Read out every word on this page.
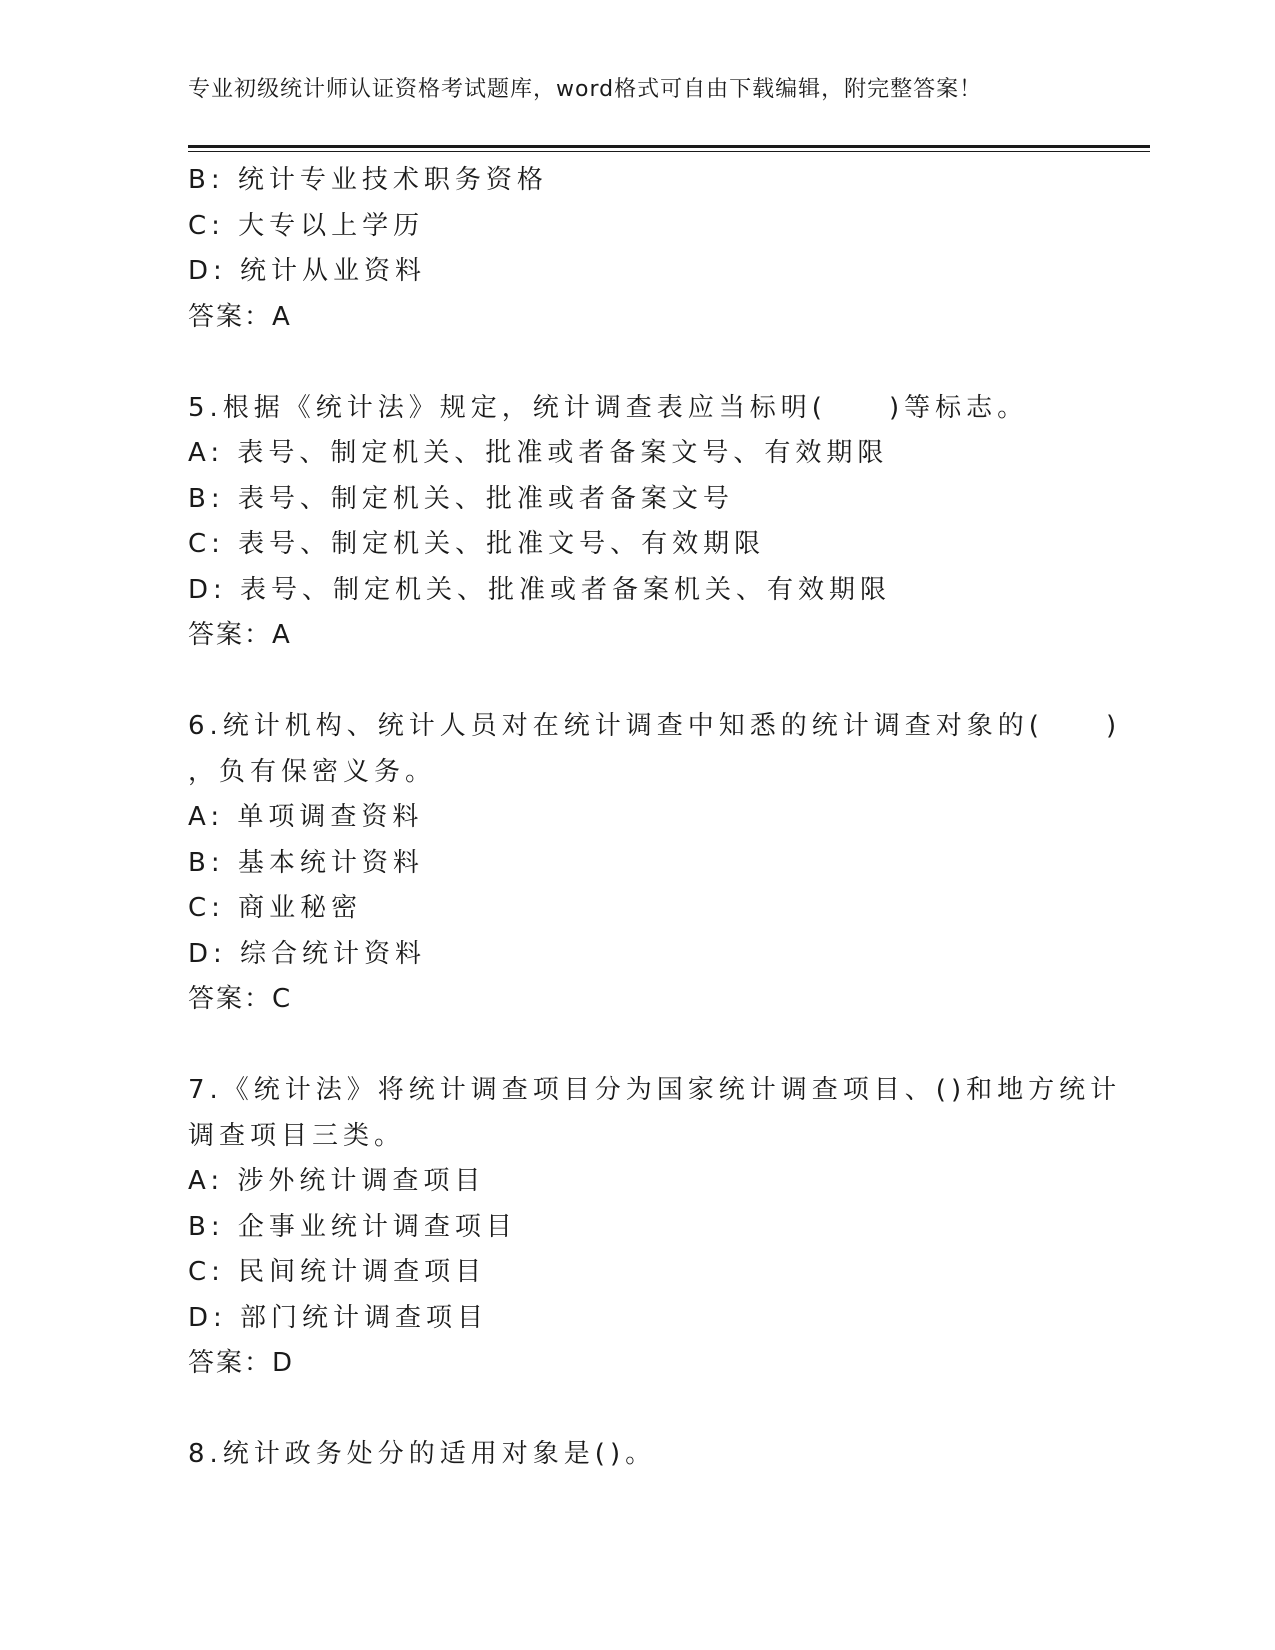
专业初级统计师认证资格考试题库，word格式可自由下载编辑，附完整答案！
B: 统计专业技术职务资格
C: 大专以上学历
D: 统计从业资料
答案：A
5.根据《统计法》规定，统计调查表应当标明(　　)等标志。
A: 表号、制定机关、批准或者备案文号、有效期限
B: 表号、制定机关、批准或者备案文号
C: 表号、制定机关、批准文号、有效期限
D: 表号、制定机关、批准或者备案机关、有效期限
答案：A
6.统计机构、统计人员对在统计调查中知悉的统计调查对象的(　　)
，负有保密义务。
A: 单项调查资料
B: 基本统计资料
C: 商业秘密
D: 综合统计资料
答案：C
7.《统计法》将统计调查项目分为国家统计调查项目、()和地方统计
调查项目三类。
A: 涉外统计调查项目
B: 企事业统计调查项目
C: 民间统计调查项目
D: 部门统计调查项目
答案：D
8.统计政务处分的适用对象是()。
